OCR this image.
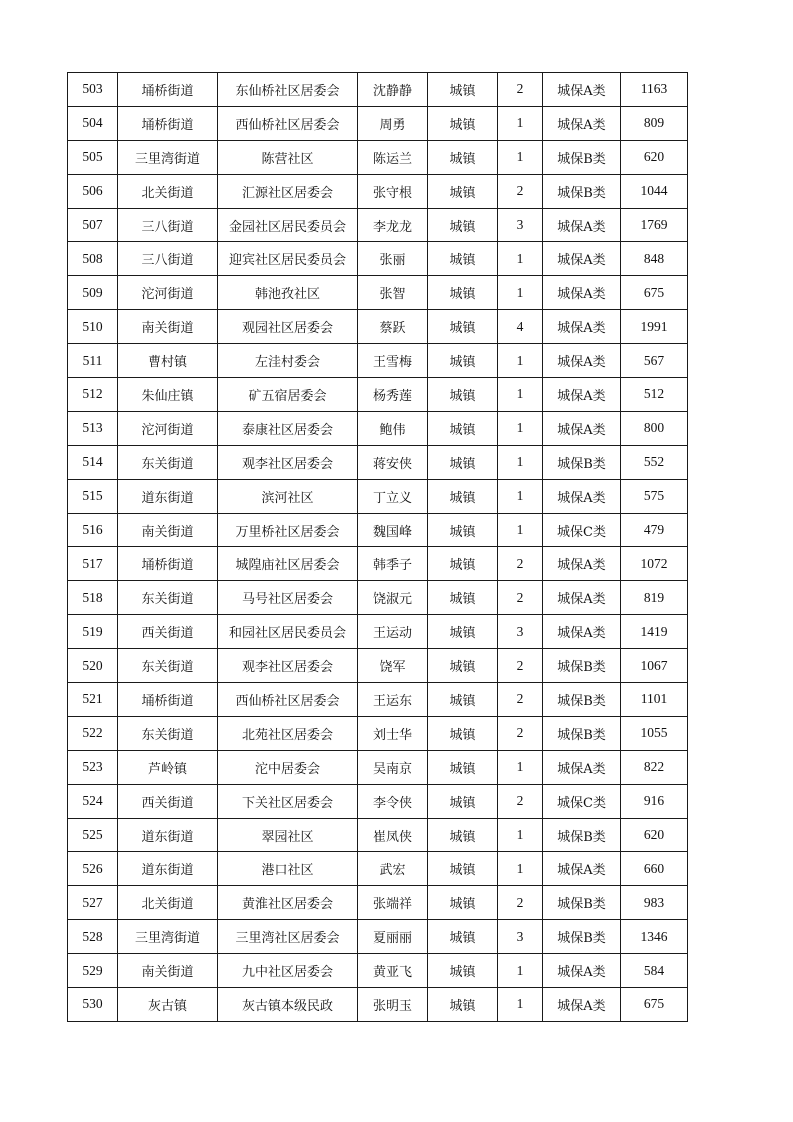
503	埇桥街道	东仙桥社区居委会	沈静静	城镇	2	城保A类	1163
504	埇桥街道	西仙桥社区居委会	周勇	城镇	1	城保A类	809
505	三里湾街道	陈营社区	陈运兰	城镇	1	城保B类	620
506	北关街道	汇源社区居委会	张守根	城镇	2	城保B类	1044
507	三八街道	金园社区居民委员会	李龙龙	城镇	3	城保A类	1769
508	三八街道	迎宾社区居民委员会	张丽	城镇	1	城保A类	848
509	沱河街道	韩池孜社区	张智	城镇	1	城保A类	675
510	南关街道	观园社区居委会	蔡跃	城镇	4	城保A类	1991
511	曹村镇	左洼村委会	王雪梅	城镇	1	城保A类	567
512	朱仙庄镇	矿五宿居委会	杨秀莲	城镇	1	城保A类	512
513	沱河街道	泰康社区居委会	鲍伟	城镇	1	城保A类	800
514	东关街道	观李社区居委会	蒋安侠	城镇	1	城保B类	552
515	道东街道	滨河社区	丁立义	城镇	1	城保A类	575
516	南关街道	万里桥社区居委会	魏国峰	城镇	1	城保C类	479
517	埇桥街道	城隍庙社区居委会	韩季子	城镇	2	城保A类	1072
518	东关街道	马号社区居委会	饶淑元	城镇	2	城保A类	819
519	西关街道	和园社区居民委员会	王运动	城镇	3	城保A类	1419
520	东关街道	观李社区居委会	饶军	城镇	2	城保B类	1067
521	埇桥街道	西仙桥社区居委会	王运东	城镇	2	城保B类	1101
522	东关街道	北苑社区居委会	刘士华	城镇	2	城保B类	1055
523	芦岭镇	沱中居委会	吴南京	城镇	1	城保A类	822
524	西关街道	下关社区居委会	李令侠	城镇	2	城保C类	916
525	道东街道	翠园社区	崔凤侠	城镇	1	城保B类	620
526	道东街道	港口社区	武宏	城镇	1	城保A类	660
527	北关街道	黄淮社区居委会	张端祥	城镇	2	城保B类	983
528	三里湾街道	三里湾社区居委会	夏丽丽	城镇	3	城保B类	1346
529	南关街道	九中社区居委会	黄亚飞	城镇	1	城保A类	584
530	灰古镇	灰古镇本级民政	张明玉	城镇	1	城保A类	675
